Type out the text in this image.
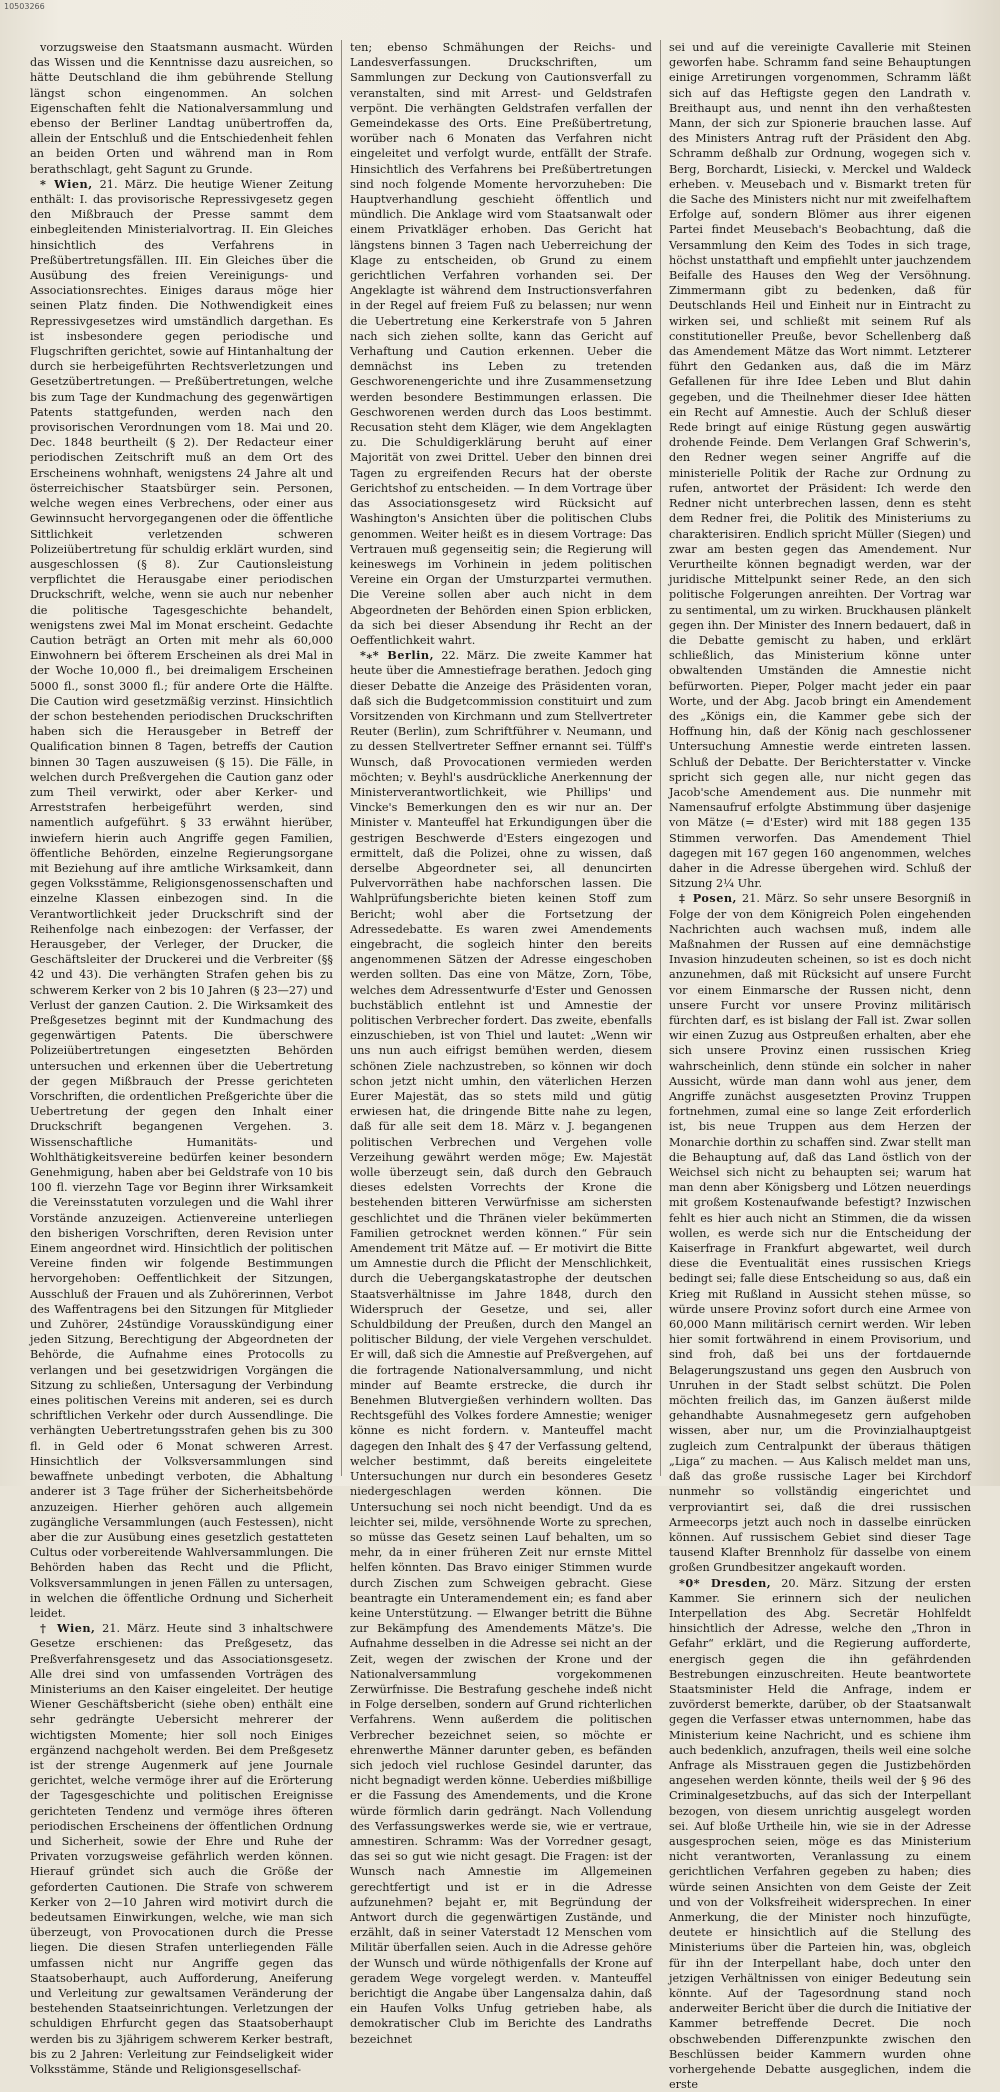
10503266

vorzugsweise den Staatsmann ausmacht. Würden das Wissen und die Kenntnisse dazu ausreichen, so hätte Deutschland die ihm gebührende Stellung längst schon eingenommen. An solchen Eigenschaften fehlt die Nationalversammlung und ebenso der Berliner Landtag unübertroffen da, allein der Entschluß und die Entschiedenheit fehlen an beiden Orten und während man in Rom berathschlagt, geht Sagunt zu Grunde.

* Wien, 21. März. Die heutige Wiener Zeitung enthält: I. das provisorische Repressivgesetz gegen den Mißbrauch der Presse sammt dem einbegleitenden Ministerialvortrag. II. Ein Gleiches hinsichtlich des Verfahrens in Preßübertretungsfällen. III. Ein Gleiches über die Ausübung des freien Vereinigungs- und Associationsrechtes. Einiges daraus möge hier seinen Platz finden. Die Nothwendigkeit eines Repressivgesetzes wird umständlich dargethan. Es ist insbesondere gegen periodische und Flugschriften gerichtet, sowie auf Hintanhaltung der durch sie herbeigeführten Rechtsverletzungen und Gesetzübertretungen. — Preßübertretungen, welche bis zum Tage der Kundmachung des gegenwärtigen Patents stattgefunden, werden nach den provisorischen Verordnungen vom 18. Mai und 20. Dec. 1848 beurtheilt (§ 2). Der Redacteur einer periodischen Zeitschrift muß an dem Ort des Erscheinens wohnhaft, wenigstens 24 Jahre alt und österreichischer Staatsbürger sein. Personen, welche wegen eines Verbrechens, oder einer aus Gewinnsucht hervorgegangenen oder die öffentliche Sittlichkeit verletzenden schweren Polizeiübertretung für schuldig erklärt wurden, sind ausgeschlossen (§ 8). Zur Cautionsleistung verpflichtet die Herausgabe einer periodischen Druckschrift, welche, wenn sie auch nur nebenher die politische Tagesgeschichte behandelt, wenigstens zwei Mal im Monat erscheint. Gedachte Caution beträgt an Orten mit mehr als 60,000 Einwohnern bei öfterem Erscheinen als drei Mal in der Woche 10,000 fl., bei dreimaligem Erscheinen 5000 fl., sonst 3000 fl.; für andere Orte die Hälfte. Die Caution wird gesetzmäßig verzinst. Hinsichtlich der schon bestehenden periodischen Druckschriften haben sich die Herausgeber in Betreff der Qualification binnen 8 Tagen, betreffs der Caution binnen 30 Tagen auszuweisen (§ 15). Die Fälle, in welchen durch Preßvergehen die Caution ganz oder zum Theil verwirkt, oder aber Kerker- und Arreststrafen herbeigeführt werden, sind namentlich aufgeführt. § 33 erwähnt hierüber, inwiefern hierin auch Angriffe gegen Familien, öffentliche Behörden, einzelne Regierungsorgane mit Beziehung auf ihre amtliche Wirksamkeit, dann gegen Volksstämme, Religionsgenossenschaften und einzelne Klassen einbezogen sind. In die Verantwortlichkeit jeder Druckschrift sind der Reihenfolge nach einbezogen: der Verfasser, der Herausgeber, der Verleger, der Drucker, die Geschäftsleiter der Druckerei und die Verbreiter (§§ 42 und 43). Die verhängten Strafen gehen bis zu schwerem Kerker von 2 bis 10 Jahren (§ 23—27) und Verlust der ganzen Caution. 2. Die Wirksamkeit des Preßgesetzes beginnt mit der Kundmachung des gegenwärtigen Patents. Die überschwere Polizeiübertretungen eingesetzten Behörden untersuchen und erkennen über die Uebertretung der gegen Mißbrauch der Presse gerichteten Vorschriften, die ordentlichen Preßgerichte über die Uebertretung der gegen den Inhalt einer Druckschrift begangenen Vergehen. 3. Wissenschaftliche Humanitäts- und Wohlthätigkeitsvereine bedürfen keiner besondern Genehmigung, haben aber bei Geldstrafe von 10 bis 100 fl. vierzehn Tage vor Beginn ihrer Wirksamkeit die Vereinsstatuten vorzulegen und die Wahl ihrer Vorstände anzuzeigen. Actienvereine unterliegen den bisherigen Vorschriften, deren Revision unter Einem angeordnet wird. Hinsichtlich der politischen Vereine finden wir folgende Bestimmungen hervorgehoben: Oeffentlichkeit der Sitzungen, Ausschluß der Frauen und als Zuhörerinnen, Verbot des Waffentragens bei den Sitzungen für Mitglieder und Zuhörer, 24stündige Vorausskündigung einer jeden Sitzung, Berechtigung der Abgeordneten der Behörde, die Aufnahme eines Protocolls zu verlangen und bei gesetzwidrigen Vorgängen die Sitzung zu schließen, Untersagung der Verbindung eines politischen Vereins mit anderen, sei es durch schriftlichen Verkehr oder durch Aussendlinge. Die verhängten Uebertretungsstrafen gehen bis zu 300 fl. in Geld oder 6 Monat schweren Arrest. Hinsichtlich der Volksversammlungen sind bewaffnete unbedingt verboten, die Abhaltung anderer ist 3 Tage früher der Sicherheitsbehörde anzuzeigen. Hierher gehören auch allgemein zugängliche Versammlungen (auch Festessen), nicht aber die zur Ausübung eines gesetzlich gestatteten Cultus oder vorbereitende Wahlversammlungen. Die Behörden haben das Recht und die Pflicht, Volksversammlungen in jenen Fällen zu untersagen, in welchen die öffentliche Ordnung und Sicherheit leidet.

† Wien, 21. März. Heute sind 3 inhaltschwere Gesetze erschienen: das Preßgesetz, das Preßverfahrensgesetz und das Associationsgesetz. Alle drei sind von umfassenden Vorträgen des Ministeriums an den Kaiser eingeleitet. Der heutige Wiener Geschäftsbericht (siehe oben) enthält eine sehr gedrängte Uebersicht mehrerer der wichtigsten Momente; hier soll noch Einiges ergänzend nachgeholt werden. Bei dem Preßgesetz ist der strenge Augenmerk auf jene Journale gerichtet, welche vermöge ihrer auf die Erörterung der Tagesgeschichte und politischen Ereignisse gerichteten Tendenz und vermöge ihres öfteren periodischen Erscheinens der öffentlichen Ordnung und Sicherheit, sowie der Ehre und Ruhe der Privaten vorzugsweise gefährlich werden können. Hierauf gründet sich auch die Größe der geforderten Cautionen. Die Strafe von schwerem Kerker von 2—10 Jahren wird motivirt durch die bedeutsamen Einwirkungen, welche, wie man sich überzeugt, von Provocationen durch die Presse liegen. Die diesen Strafen unterliegenden Fälle umfassen nicht nur Angriffe gegen das Staatsoberhaupt, auch Aufforderung, Aneiferung und Verleitung zur gewaltsamen Veränderung der bestehenden Staatseinrichtungen. Verletzungen der schuldigen Ehrfurcht gegen das Staatsoberhaupt werden bis zu 3jährigem schwerem Kerker bestraft, bis zu 2 Jahren: Verleitung zur Feindseligkeit wider Volksstämme, Stände und Religionsgesellschaf-

ten; ebenso Schmähungen der Reichs- und Landesverfassungen. Druckschriften, um Sammlungen zur Deckung von Cautionsverfall zu veranstalten, sind mit Arrest- und Geldstrafen verpönt. Die verhängten Geldstrafen verfallen der Gemeindekasse des Orts. Eine Preßübertretung, worüber nach 6 Monaten das Verfahren nicht eingeleitet und verfolgt wurde, entfällt der Strafe. Hinsichtlich des Verfahrens bei Preßübertretungen sind noch folgende Momente hervorzuheben: Die Hauptverhandlung geschieht öffentlich und mündlich. Die Anklage wird vom Staatsanwalt oder einem Privatkläger erhoben. Das Gericht hat längstens binnen 3 Tagen nach Ueberreichung der Klage zu entscheiden, ob Grund zu einem gerichtlichen Verfahren vorhanden sei. Der Angeklagte ist während dem Instructionsverfahren in der Regel auf freiem Fuß zu belassen; nur wenn die Uebertretung eine Kerkerstrafe von 5 Jahren nach sich ziehen sollte, kann das Gericht auf Verhaftung und Caution erkennen. Ueber die demnächst ins Leben zu tretenden Geschworenengerichte und ihre Zusammensetzung werden besondere Bestimmungen erlassen. Die Geschworenen werden durch das Loos bestimmt. Recusation steht dem Kläger, wie dem Angeklagten zu. Die Schuldigerklärung beruht auf einer Majorität von zwei Drittel. Ueber den binnen drei Tagen zu ergreifenden Recurs hat der oberste Gerichtshof zu entscheiden. — In dem Vortrage über das Associationsgesetz wird Rücksicht auf Washington's Ansichten über die politischen Clubs genommen. Weiter heißt es in diesem Vortrage: Das Vertrauen muß gegenseitig sein; die Regierung will keineswegs im Vorhinein in jedem politischen Vereine ein Organ der Umsturzpartei vermuthen. Die Vereine sollen aber auch nicht in dem Abgeordneten der Behörden einen Spion erblicken, da sich bei dieser Absendung ihr Recht an der Oeffentlichkeit wahrt.

*⁎* Berlin, 22. März. Die zweite Kammer hat heute über die Amnestiefrage berathen. Jedoch ging dieser Debatte die Anzeige des Präsidenten voran, daß sich die Budgetcommission constituirt und zum Vorsitzenden von Kirchmann und zum Stellvertreter Reuter (Berlin), zum Schriftführer v. Neumann, und zu dessen Stellvertreter Seffner ernannt sei. Tülff's Wunsch, daß Provocationen vermieden werden möchten; v. Beyhl's ausdrückliche Anerkennung der Ministerverantwortlichkeit, wie Phillips' und Vincke's Bemerkungen den es wir nur an. Der Minister v. Manteuffel hat Erkundigungen über die gestrigen Beschwerde d'Esters eingezogen und ermittelt, daß die Polizei, ohne zu wissen, daß derselbe Abgeordneter sei, all denuncirten Pulvervorräthen habe nachforschen lassen. Die Wahlprüfungsberichte bieten keinen Stoff zum Bericht; wohl aber die Fortsetzung der Adressedebatte. Es waren zwei Amendements eingebracht, die sogleich hinter den bereits angenommenen Sätzen der Adresse eingeschoben werden sollten. Das eine von Mätze, Zorn, Töbe, welches dem Adressentwurfe d'Ester und Genossen buchstäblich entlehnt ist und Amnestie der politischen Verbrecher fordert. Das zweite, ebenfalls einzuschieben, ist von Thiel und lautet: „Wenn wir uns nun auch eifrigst bemühen werden, diesem schönen Ziele nachzustreben, so können wir doch schon jetzt nicht umhin, den väterlichen Herzen Eurer Majestät, das so stets mild und gütig erwiesen hat, die dringende Bitte nahe zu legen, daß für alle seit dem 18. März v. J. begangenen politischen Verbrechen und Vergehen volle Verzeihung gewährt werden möge; Ew. Majestät wolle überzeugt sein, daß durch den Gebrauch dieses edelsten Vorrechts der Krone die bestehenden bitteren Verwürfnisse am sichersten geschlichtet und die Thränen vieler bekümmerten Familien getrocknet werden können.“ Für sein Amendement trit Mätze auf. — Er motivirt die Bitte um Amnestie durch die Pflicht der Menschlichkeit, durch die Uebergangskatastrophe der deutschen Staatsverhältnisse im Jahre 1848, durch den Widerspruch der Gesetze, und sei, aller Schuldbildung der Preußen, durch den Mangel an politischer Bildung, der viele Vergehen verschuldet. Er will, daß sich die Amnestie auf Preßvergehen, auf die fortragende Nationalversammlung, und nicht minder auf Beamte erstrecke, die durch ihr Benehmen Blutvergießen verhindern wollten. Das Rechtsgefühl des Volkes fordere Amnestie; weniger könne es nicht fordern. v. Manteuffel macht dagegen den Inhalt des § 47 der Verfassung geltend, welcher bestimmt, daß bereits eingeleitete Untersuchungen nur durch ein besonderes Gesetz niedergeschlagen werden können. Die Untersuchung sei noch nicht beendigt. Und da es leichter sei, milde, versöhnende Worte zu sprechen, so müsse das Gesetz seinen Lauf behalten, um so mehr, da in einer früheren Zeit nur ernste Mittel helfen könnten. Das Bravo einiger Stimmen wurde durch Zischen zum Schweigen gebracht. Giese beantragte ein Unteramendement ein; es fand aber keine Unterstützung. — Elwanger betritt die Bühne zur Bekämpfung des Amendements Mätze's. Die Aufnahme desselben in die Adresse sei nicht an der Zeit, wegen der zwischen der Krone und der Nationalversammlung vorgekommenen Zerwürfnisse. Die Bestrafung geschehe indeß nicht in Folge derselben, sondern auf Grund richterlichen Verfahrens. Wenn außerdem die politischen Verbrecher bezeichnet seien, so möchte er ehrenwerthe Männer darunter geben, es befänden sich jedoch viel ruchlose Gesindel darunter, das nicht begnadigt werden könne. Ueberdies mißbillige er die Fassung des Amendements, und die Krone würde förmlich darin gedrängt. Nach Vollendung des Verfassungswerkes werde sie, wie er vertraue, amnestiren. Schramm: Was der Vorredner gesagt, das sei so gut wie nicht gesagt. Die Fragen: ist der Wunsch nach Amnestie im Allgemeinen gerechtfertigt und ist er in die Adresse aufzunehmen? bejaht er, mit Begründung der Antwort durch die gegenwärtigen Zustände, und erzählt, daß in seiner Vaterstadt 12 Menschen vom Militär überfallen seien. Auch in die Adresse gehöre der Wunsch und würde nöthigenfalls der Krone auf geradem Wege vorgelegt werden. v. Manteuffel berichtigt die Angabe über Langensalza dahin, daß ein Haufen Volks Unfug getrieben habe, als demokratischer Club im Berichte des Landraths bezeichnet

sei und auf die vereinigte Cavallerie mit Steinen geworfen habe. Schramm fand seine Behauptungen einige Arretirungen vorgenommen, Schramm läßt sich auf das Heftigste gegen den Landrath v. Breithaupt aus, und nennt ihn den verhaßtesten Mann, der sich zur Spionerie brauchen lasse. Auf des Ministers Antrag ruft der Präsident den Abg. Schramm deßhalb zur Ordnung, wogegen sich v. Berg, Borchardt, Lisiecki, v. Merckel und Waldeck erheben. v. Meusebach und v. Bismarkt treten für die Sache des Ministers nicht nur mit zweifelhaftem Erfolge auf, sondern Blömer aus ihrer eigenen Partei findet Meusebach's Beobachtung, daß die Versammlung den Keim des Todes in sich trage, höchst unstatthaft und empfiehlt unter jauchzendem Beifalle des Hauses den Weg der Versöhnung. Zimmermann gibt zu bedenken, daß für Deutschlands Heil und Einheit nur in Eintracht zu wirken sei, und schließt mit seinem Ruf als constitutioneller Preuße, bevor Schellenberg daß das Amendement Mätze das Wort nimmt. Letzterer führt den Gedanken aus, daß die im März Gefallenen für ihre Idee Leben und Blut dahin gegeben, und die Theilnehmer dieser Idee hätten ein Recht auf Amnestie. Auch der Schluß dieser Rede bringt auf einige Rüstung gegen auswärtig drohende Feinde. Dem Verlangen Graf Schwerin's, den Redner wegen seiner Angriffe auf die ministerielle Politik der Rache zur Ordnung zu rufen, antwortet der Präsident: Ich werde den Redner nicht unterbrechen lassen, denn es steht dem Redner frei, die Politik des Ministeriums zu charakterisiren. Endlich spricht Müller (Siegen) und zwar am besten gegen das Amendement. Nur Verurtheilte können begnadigt werden, war der juridische Mittelpunkt seiner Rede, an den sich politische Folgerungen anreihten. Der Vortrag war zu sentimental, um zu wirken. Bruckhausen plänkelt gegen ihn. Der Minister des Innern bedauert, daß in die Debatte gemischt zu haben, und erklärt schließlich, das Ministerium könne unter obwaltenden Umständen die Amnestie nicht befürworten. Pieper, Polger macht jeder ein paar Worte, und der Abg. Jacob bringt ein Amendement des „Königs ein, die Kammer gebe sich der Hoffnung hin, daß der König nach geschlossener Untersuchung Amnestie werde eintreten lassen. Schluß der Debatte. Der Berichterstatter v. Vincke spricht sich gegen alle, nur nicht gegen das Jacob'sche Amendement aus. Die nunmehr mit Namensaufruf erfolgte Abstimmung über dasjenige von Mätze (= d'Ester) wird mit 188 gegen 135 Stimmen verworfen. Das Amendement Thiel dagegen mit 167 gegen 160 angenommen, welches daher in die Adresse übergehen wird. Schluß der Sitzung 2¼ Uhr.

‡ Posen, 21. März. So sehr unsere Besorgniß in Folge der von dem Königreich Polen eingehenden Nachrichten auch wachsen muß, indem alle Maßnahmen der Russen auf eine demnächstige Invasion hinzudeuten scheinen, so ist es doch nicht anzunehmen, daß mit Rücksicht auf unsere Furcht vor einem Einmarsche der Russen nicht, denn unsere Furcht vor unsere Provinz militärisch fürchten darf, es ist bislang der Fall ist. Zwar sollen wir einen Zuzug aus Ostpreußen erhalten, aber ehe sich unsere Provinz einen russischen Krieg wahrscheinlich, denn stünde ein solcher in naher Aussicht, würde man dann wohl aus jener, dem Angriffe zunächst ausgesetzten Provinz Truppen fortnehmen, zumal eine so lange Zeit erforderlich ist, bis neue Truppen aus dem Herzen der Monarchie dorthin zu schaffen sind. Zwar stellt man die Behauptung auf, daß das Land östlich von der Weichsel sich nicht zu behaupten sei; warum hat man denn aber Königsberg und Lötzen neuerdings mit großem Kostenaufwande befestigt? Inzwischen fehlt es hier auch nicht an Stimmen, die da wissen wollen, es werde sich nur die Entscheidung der Kaiserfrage in Frankfurt abgewartet, weil durch diese die Eventualität eines russischen Kriegs bedingt sei; falle diese Entscheidung so aus, daß ein Krieg mit Rußland in Aussicht stehen müsse, so würde unsere Provinz sofort durch eine Armee von 60,000 Mann militärisch cernirt werden. Wir leben hier somit fortwährend in einem Provisorium, und sind froh, daß bei uns der fortdauernde Belagerungszustand uns gegen den Ausbruch von Unruhen in der Stadt selbst schützt. Die Polen möchten freilich das, im Ganzen äußerst milde gehandhabte Ausnahmegesetz gern aufgehoben wissen, aber nur, um die Provinzialhauptgeist zugleich zum Centralpunkt der überaus thätigen „Liga“ zu machen. — Aus Kalisch meldet man uns, daß das große russische Lager bei Kirchdorf nunmehr so vollständig eingerichtet und verproviantirt sei, daß die drei russischen Armeecorps jetzt auch noch in dasselbe einrücken können. Auf russischem Gebiet sind dieser Tage tausend Klafter Brennholz für dasselbe von einem großen Grundbesitzer angekauft worden.

*0* Dresden, 20. März. Sitzung der ersten Kammer. Sie erinnern sich der neulichen Interpellation des Abg. Secretär Hohlfeldt hinsichtlich der Adresse, welche den „Thron in Gefahr“ erklärt, und die Regierung aufforderte, energisch gegen die ihn gefährdenden Bestrebungen einzuschreiten. Heute beantwortete Staatsminister Held die Anfrage, indem er zuvörderst bemerkte, darüber, ob der Staatsanwalt gegen die Verfasser etwas unternommen, habe das Ministerium keine Nachricht, und es schiene ihm auch bedenklich, anzufragen, theils weil eine solche Anfrage als Misstrauen gegen die Justizbehörden angesehen werden könnte, theils weil der § 96 des Criminalgesetzbuchs, auf das sich der Interpellant bezogen, von diesem unrichtig ausgelegt worden sei. Auf bloße Urtheile hin, wie sie in der Adresse ausgesprochen seien, möge es das Ministerium nicht verantworten, Veranlassung zu einem gerichtlichen Verfahren gegeben zu haben; dies würde seinen Ansichten von dem Geiste der Zeit und von der Volksfreiheit widersprechen. In einer Anmerkung, die der Minister noch hinzufügte, deutete er hinsichtlich auf die Stellung des Ministeriums über die Parteien hin, was, obgleich für ihn der Interpellant habe, doch unter den jetzigen Verhältnissen von einiger Bedeutung sein könnte. Auf der Tagesordnung stand noch anderweiter Bericht über die durch die Initiative der Kammer betreffende Decret. Die noch obschwebenden Differenzpunkte zwischen den Beschlüssen beider Kammern wurden ohne vorhergehende Debatte ausgeglichen, indem die erste
